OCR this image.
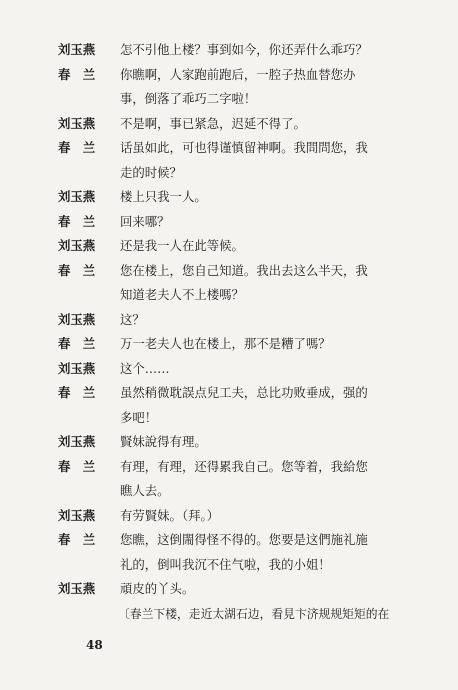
刘玉燕	怎不引他上楼？事到如今，你还弄什么乖巧？
春　兰	你瞧啊，人家跑前跑后，一腔子热血替您办
事，倒落了乖巧二字啦！
刘玉燕	不是啊，事已紧急，迟延不得了。
春　兰	话虽如此，可也得谨慎留神啊。我問問您，我
走的时候？
刘玉燕	楼上只我一人。
春　兰	回来哪？
刘玉燕	还是我一人在此等候。
春　兰	您在楼上，您自己知道。我出去这么半天，我
知道老夫人不上楼嗎？
刘玉燕	这？
春　兰	万一老夫人也在楼上，那不是糟了嗎？
刘玉燕	这个……
春　兰	虽然稍微耽誤点兒工夫，总比功败垂成，强的
多吧！
刘玉燕	賢妹說得有理。
春　兰	有理，有理，还得累我自己。您等着，我給您
瞧人去。
刘玉燕	有劳賢妹。（拜。）
春　兰	您瞧，这倒閙得怪不得的。您要是这們施礼施
礼的，倒叫我沉不住气啦，我的小姐！
刘玉燕	頑皮的丫头。
〔春兰下楼，走近太湖石边，看見卞济规规矩矩的在
48
